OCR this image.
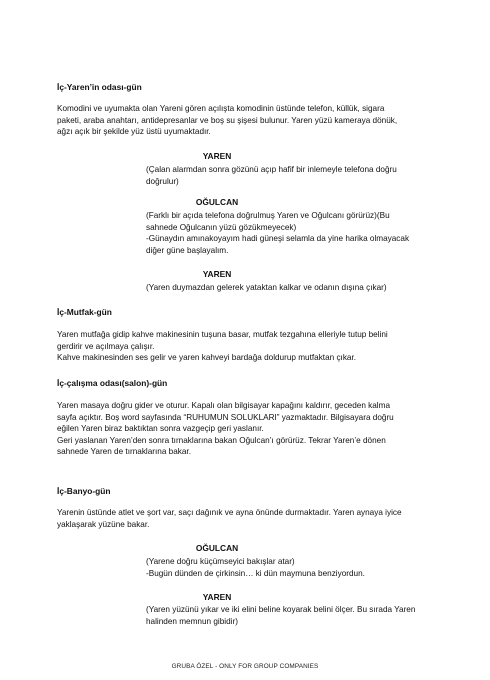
İç-Yaren’in odası-gün
Komodini ve uyumakta olan Yareni gören açılışta komodinin üstünde telefon, küllük, sigara
paketi, araba anahtarı, antidepresanlar ve boş su şişesi bulunur. Yaren yüzü kameraya dönük,
ağzı açık bir şekilde yüz üstü uyumaktadır.
YAREN
(Çalan alarmdan sonra gözünü açıp hafif bir inlemeyle telefona doğru
doğrulur)
OĞULCAN
(Farklı bir açıda telefona doğrulmuş Yaren ve Oğulcanı görürüz)(Bu
sahnede Oğulcanın yüzü gözükmeyecek)
-Günaydın amınakoyayım hadi güneşi selamla da yine harika olmayacak
diğer güne başlayalım.
YAREN
(Yaren duymazdan gelerek yataktan kalkar ve odanın dışına çıkar)
İç-Mutfak-gün
Yaren mutfağa gidip kahve makinesinin tuşuna basar, mutfak tezgahına elleriyle tutup belini
gerdirir ve açılmaya çalışır.
Kahve makinesinden ses gelir ve yaren kahveyi bardağa doldurup mutfaktan çıkar.
İç-çalışma odası(salon)-gün
Yaren masaya doğru gider ve oturur. Kapalı olan bilgisayar kapağını kaldırır, geceden kalma
sayfa açıktır. Boş word sayfasında “RUHUMUN SOLUKLARI” yazmaktadır. Bilgisayara doğru
eğilen Yaren biraz baktıktan sonra vazgeçip geri yaslanır.
Geri yaslanan Yaren’den sonra tırnaklarına bakan Oğulcan’ı görürüz. Tekrar Yaren’e dönen
sahnede Yaren de tırnaklarına bakar.
İç-Banyo-gün
Yarenin üstünde atlet ve şort var, saçı dağınık ve ayna önünde durmaktadır. Yaren aynaya iyice
yaklaşarak yüzüne bakar.
OĞULCAN
(Yarene doğru küçümseyici bakışlar atar)
-Bugün dünden de çirkinsin… ki dün maymuna benziyordun.
YAREN
(Yaren yüzünü yıkar ve iki elini beline koyarak belini ölçer. Bu sırada Yaren
halinden memnun gibidir)
GRUBA ÖZEL - ONLY FOR GROUP COMPANIES
